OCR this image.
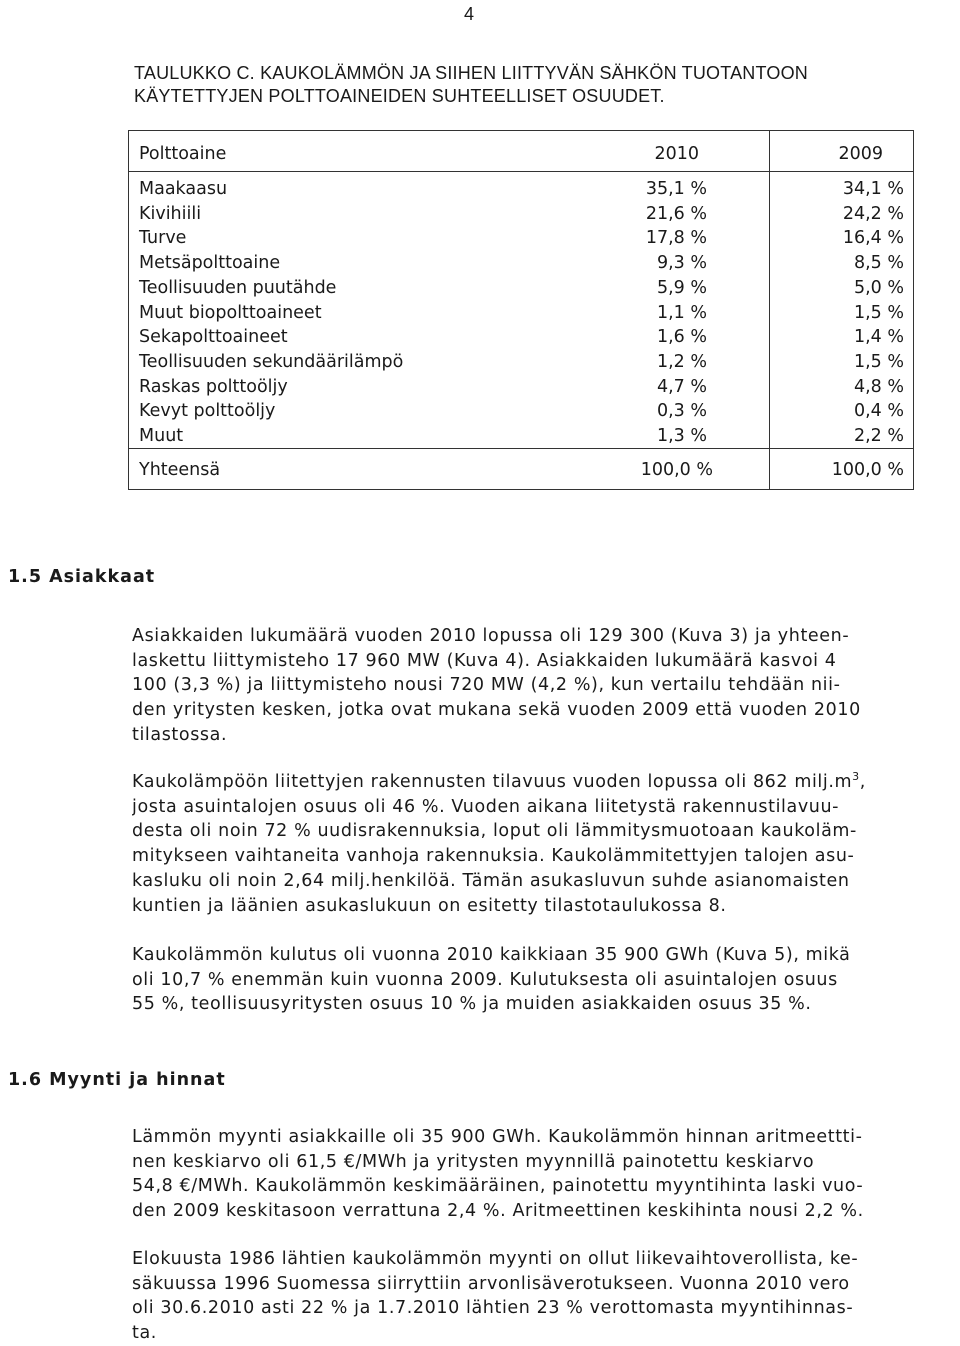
4
TAULUKKO C. KAUKOLÄMMÖN JA SIIHEN LIITTYVÄN SÄHKÖN TUOTANTOON
KÄYTETTYJEN POLTTOAINEIDEN SUHTEELLISET OSUUDET.
Polttoaine	2010	2009
Maakaasu	35,1 %	34,1 %
Kivihiili	21,6 %	24,2 %
Turve	17,8 %	16,4 %
Metsäpolttoaine	9,3 %	8,5 %
Teollisuuden puutähde	5,9 %	5,0 %
Muut biopolttoaineet	1,1 %	1,5 %
Sekapolttoaineet	1,6 %	1,4 %
Teollisuuden sekundäärilämpö	1,2 %	1,5 %
Raskas polttoöljy	4,7 %	4,8 %
Kevyt polttoöljy	0,3 %	0,4 %
Muut	1,3 %	2,2 %
Yhteensä	100,0 %	100,0 %
1.5 Asiakkaat
Asiakkaiden lukumäärä vuoden 2010 lopussa oli 129 300 (Kuva 3) ja yhteen-
laskettu liittymisteho 17 960 MW (Kuva 4). Asiakkaiden lukumäärä kasvoi 4
100 (3,3 %) ja liittymisteho nousi 720 MW (4,2 %), kun vertailu tehdään nii-
den yritysten kesken, jotka ovat mukana sekä vuoden 2009 että vuoden 2010
tilastossa.
Kaukolämpöön liitettyjen rakennusten tilavuus vuoden lopussa oli 862 $milj.m^3$,
josta asuintalojen osuus oli 46 %. Vuoden aikana liitetystä rakennustilavuu-
desta oli noin 72 % uudisrakennuksia, loput oli lämmitysmuotoaan kaukoläm-
mitykseen vaihtaneita vanhoja rakennuksia. Kaukolämmitettyjen talojen asu-
kasluku oli noin 2,64 milj.henkilöä. Tämän asukasluvun suhde asianomaisten
kuntien ja läänien asukaslukuun on esitetty tilastotaulukossa 8.
Kaukolämmön kulutus oli vuonna 2010 kaikkiaan 35 900 GWh (Kuva 5), mikä
oli 10,7 % enemmän kuin vuonna 2009. Kulutuksesta oli asuintalojen osuus
55 %, teollisuusyritysten osuus 10 % ja muiden asiakkaiden osuus 35 %.
1.6 Myynti ja hinnat
Lämmön myynti asiakkaille oli 35 900 GWh. Kaukolämmön hinnan aritmeettti-
nen keskiarvo oli 61,5 €/MWh ja yritysten myynnillä painotettu keskiarvo
54,8 €/MWh. Kaukolämmön keskimääräinen, painotettu myyntihinta laski vuo-
den 2009 keskitasoon verrattuna 2,4 %. Aritmeettinen keskihinta nousi 2,2 %.
Elokuusta 1986 lähtien kaukolämmön myynti on ollut liikevaihtoverollista, ke-
säkuussa 1996 Suomessa siirryttiin arvonlisäverotukseen. Vuonna 2010 vero
oli 30.6.2010 asti 22 % ja 1.7.2010 lähtien 23 % verottomasta myyntihinnas-
ta.
